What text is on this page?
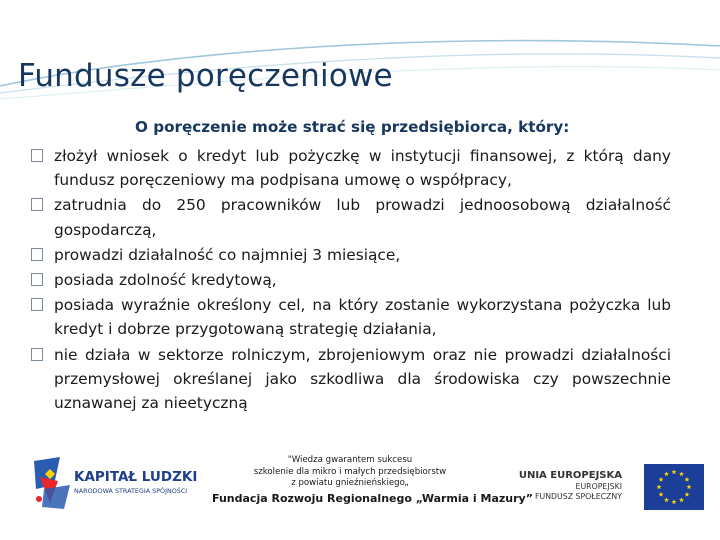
Fundusze poręczeniowe

O poręczenie może strać się przedsiębiorca, który:

złożył wniosek o kredyt lub pożyczkę w instytucji finansowej, z którą dany fundusz poręczeniowy ma podpisana umowę o współpracy,

zatrudnia do 250 pracowników lub prowadzi jednoosobową działalność gospodarczą,

prowadzi działalność co najmniej 3 miesiące,

posiada zdolność kredytową,

posiada wyraźnie określony cel, na który zostanie wykorzystana pożyczka lub kredyt i dobrze przygotowaną strategię działania,

nie działa w sektorze rolniczym, zbrojeniowym oraz nie prowadzi działalności przemysłowej określanej jako szkodliwa dla środowiska czy powszechnie uznawanej za nieetyczną

KAPITAŁ LUDZKI
NARODOWA STRATEGIA SPÓJNOŚCI
"Wiedza gwarantem sukcesu
szkolenie dla mikro i małych przedsiębiorstw
z powiatu gnieźnieńskiego„
Fundacja Rozwoju Regionalnego „Warmia i Mazury”
UNIA EUROPEJSKA
EUROPEJSKI
FUNDUSZ SPOŁECZNY
